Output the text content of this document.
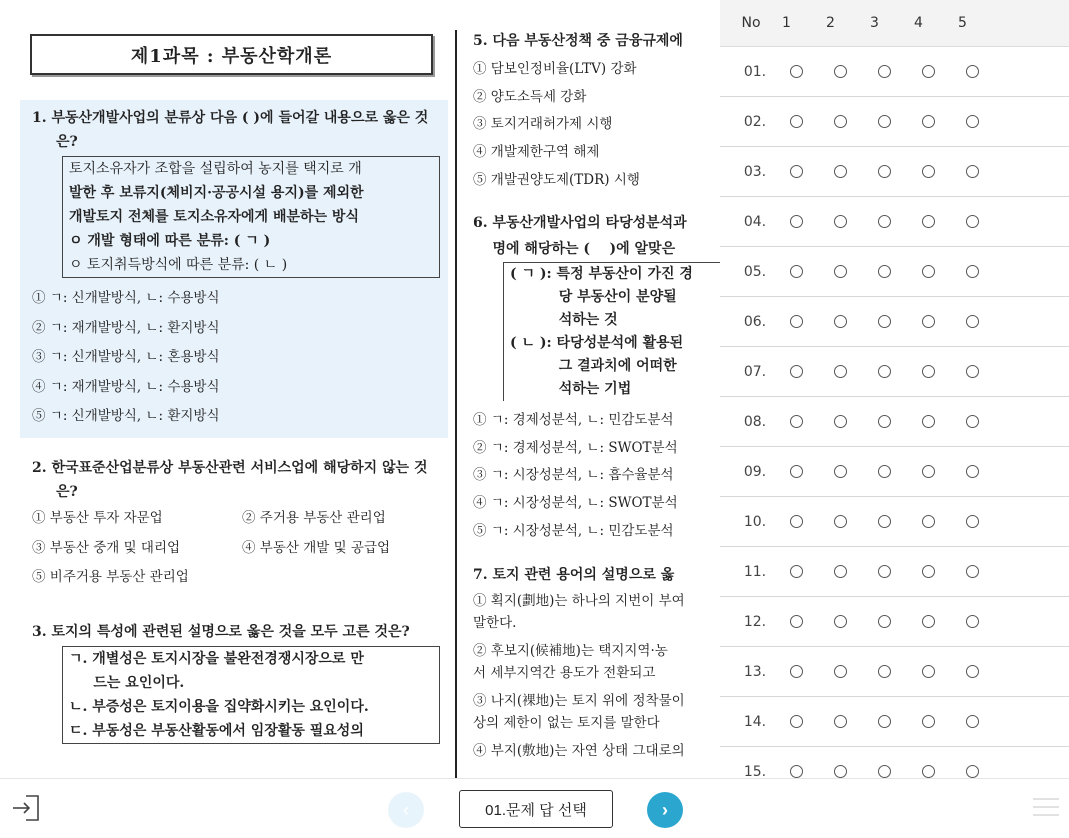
제1과목 : 부동산학개론
1. 부동산개발사업의 분류상 다음 ( )에 들어갈 내용으로 옳은 것은?
토지소유자가 조합을 설립하여 농지를 택지로 개
발한 후 보류지(체비지·공공시설 용지)를 제외한
개발토지 전체를 토지소유자에게 배분하는 방식
ㅇ 개발 형태에 따른 분류: ( ㄱ )
ㅇ 토지취득방식에 따른 분류: ( ㄴ )
① ㄱ: 신개발방식, ㄴ: 수용방식
② ㄱ: 재개발방식, ㄴ: 환지방식
③ ㄱ: 신개발방식, ㄴ: 혼용방식
④ ㄱ: 재개발방식, ㄴ: 수용방식
⑤ ㄱ: 신개발방식, ㄴ: 환지방식
2. 한국표준산업분류상 부동산관련 서비스업에 해당하지 않는 것은?
① 부동산 투자 자문업	② 주거용 부동산 관리업
③ 부동산 중개 및 대리업	④ 부동산 개발 및 공급업
⑤ 비주거용 부동산 관리업
3. 토지의 특성에 관련된 설명으로 옳은 것을 모두 고른 것은?
ㄱ. 개별성은 토지시장을 불완전경쟁시장으로 만
드는 요인이다.
ㄴ. 부증성은 토지이용을 집약화시키는 요인이다.
ㄷ. 부동성은 부동산활동에서 임장활동 필요성의
5. 다음 부동산정책 중 금융규제에
① 담보인정비율(LTV) 강화
② 양도소득세 강화
③ 토지거래허가제 시행
④ 개발제한구역 해제
⑤ 개발권양도제(TDR) 시행
6. 부동산개발사업의 타당성분석과
명에 해당하는 (    )에 알맞은
( ㄱ ): 특정 부동산이 가진 경
당 부동산이 분양될
석하는 것
( ㄴ ): 타당성분석에 활용된
그 결과치에 어떠한
석하는 기법
① ㄱ: 경제성분석, ㄴ: 민감도분석
② ㄱ: 경제성분석, ㄴ: SWOT분석
③ ㄱ: 시장성분석, ㄴ: 흡수율분석
④ ㄱ: 시장성분석, ㄴ: SWOT분석
⑤ ㄱ: 시장성분석, ㄴ: 민감도분석
7. 토지 관련 용어의 설명으로 옳
① 획지(劃地)는 하나의 지번이 부여
말한다.
② 후보지(候補地)는 택지지역·농
서 세부지역간 용도가 전환되고
③ 나지(裸地)는 토지 위에 정착물이
상의 제한이 없는 토지를 말한다
④ 부지(敷地)는 자연 상태 그대로의
No	1	2	3	4	5
01.
02.
03.
04.
05.
06.
07.
08.
09.
10.
11.
12.
13.
14.
15.
‹	01.문제 답 선택	›
